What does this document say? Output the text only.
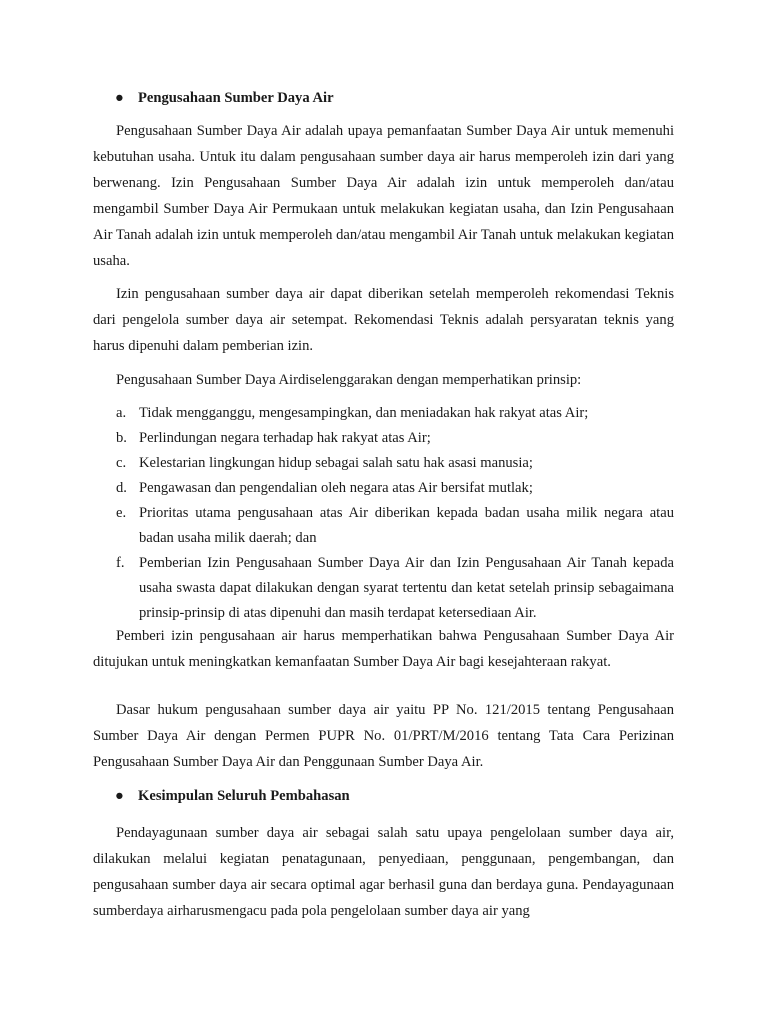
● Pengusahaan Sumber Daya Air

Pengusahaan Sumber Daya Air adalah upaya pemanfaatan Sumber Daya Air untuk memenuhi kebutuhan usaha. Untuk itu dalam pengusahaan sumber daya air harus memperoleh izin dari yang berwenang. Izin Pengusahaan Sumber Daya Air adalah izin untuk memperoleh dan/atau mengambil Sumber Daya Air Permukaan untuk melakukan kegiatan usaha, dan Izin Pengusahaan Air Tanah adalah izin untuk memperoleh dan/atau mengambil Air Tanah untuk melakukan kegiatan usaha.

Izin pengusahaan sumber daya air dapat diberikan setelah memperoleh rekomendasi Teknis dari pengelola sumber daya air setempat. Rekomendasi Teknis adalah persyaratan teknis yang harus dipenuhi dalam pemberian izin.

Pengusahaan Sumber Daya Airdiselenggarakan dengan memperhatikan prinsip:
a. Tidak mengganggu, mengesampingkan, dan meniadakan hak rakyat atas Air;
b. Perlindungan negara terhadap hak rakyat atas Air;
c. Kelestarian lingkungan hidup sebagai salah satu hak asasi manusia;
d. Pengawasan dan pengendalian oleh negara atas Air bersifat mutlak;
e. Prioritas utama pengusahaan atas Air diberikan kepada badan usaha milik negara atau badan usaha milik daerah; dan
f. Pemberian Izin Pengusahaan Sumber Daya Air dan Izin Pengusahaan Air Tanah kepada usaha swasta dapat dilakukan dengan syarat tertentu dan ketat setelah prinsip sebagaimana prinsip-prinsip di atas dipenuhi dan masih terdapat ketersediaan Air.

Pemberi izin pengusahaan air harus memperhatikan bahwa Pengusahaan Sumber Daya Air ditujukan untuk meningkatkan kemanfaatan Sumber Daya Air bagi kesejahteraan rakyat.

Dasar hukum pengusahaan sumber daya air yaitu PP No. 121/2015 tentang Pengusahaan Sumber Daya Air dengan Permen PUPR No. 01/PRT/M/2016 tentang Tata Cara Perizinan Pengusahaan Sumber Daya Air dan Penggunaan Sumber Daya Air.

● Kesimpulan Seluruh Pembahasan

Pendayagunaan sumber daya air sebagai salah satu upaya pengelolaan sumber daya air, dilakukan melalui kegiatan penatagunaan, penyediaan, penggunaan, pengembangan, dan pengusahaan sumber daya air secara optimal agar berhasil guna dan berdaya guna. Pendayagunaan sumberdaya airharusmengacu pada pola pengelolaan sumber daya air yang
